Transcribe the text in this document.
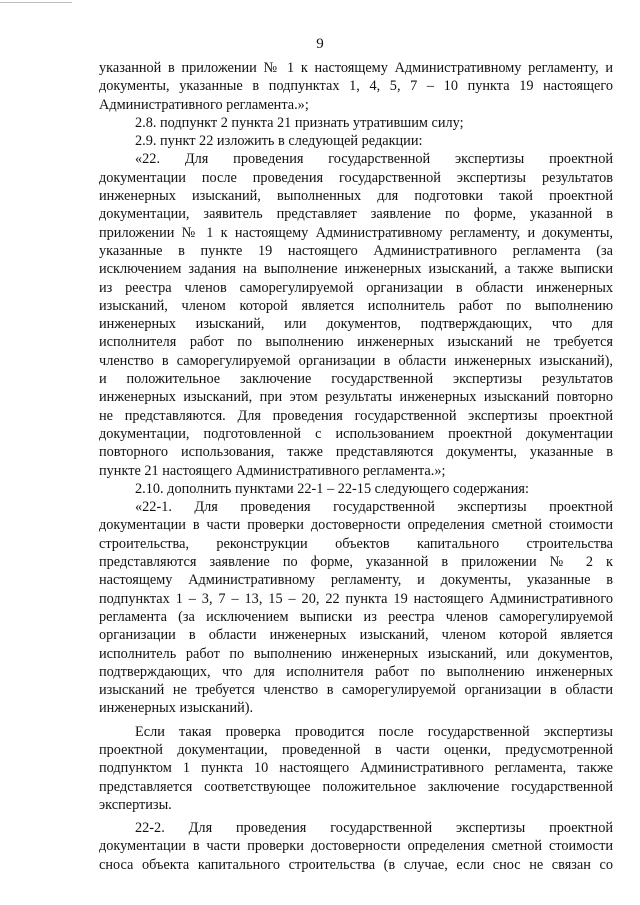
9
указанной в приложении № 1 к настоящему Административному регламенту, и
документы, указанные в подпунктах 1, 4, 5, 7 – 10 пункта 19 настоящего
Административного регламента.»;
2.8. подпункт 2 пункта 21 признать утратившим силу;
2.9. пункт 22 изложить в следующей редакции:
«22. Для проведения государственной экспертизы проектной
документации после проведения государственной экспертизы результатов
инженерных изысканий, выполненных для подготовки такой проектной
документации, заявитель представляет заявление по форме, указанной в
приложении № 1 к настоящему Административному регламенту, и документы,
указанные в пункте 19 настоящего Административного регламента (за
исключением задания на выполнение инженерных изысканий, а также выписки
из реестра членов саморегулируемой организации в области инженерных
изысканий, членом которой является исполнитель работ по выполнению
инженерных изысканий, или документов, подтверждающих, что для
исполнителя работ по выполнению инженерных изысканий не требуется
членство в саморегулируемой организации в области инженерных изысканий),
и положительное заключение государственной экспертизы результатов
инженерных изысканий, при этом результаты инженерных изысканий повторно
не представляются. Для проведения государственной экспертизы проектной
документации, подготовленной с использованием проектной документации
повторного использования, также представляются документы, указанные в
пункте 21 настоящего Административного регламента.»;
2.10. дополнить пунктами 22-1 – 22-15 следующего содержания:
«22-1. Для проведения государственной экспертизы проектной
документации в части проверки достоверности определения сметной стоимости
строительства, реконструкции объектов капитального строительства
представляются заявление по форме, указанной в приложении № 2 к
настоящему Административному регламенту, и документы, указанные в
подпунктах 1 – 3, 7 – 13, 15 – 20, 22 пункта 19 настоящего Административного
регламента (за исключением выписки из реестра членов саморегулируемой
организации в области инженерных изысканий, членом которой является
исполнитель работ по выполнению инженерных изысканий, или документов,
подтверждающих, что для исполнителя работ по выполнению инженерных
изысканий не требуется членство в саморегулируемой организации в области
инженерных изысканий).
Если такая проверка проводится после государственной экспертизы
проектной документации, проведенной в части оценки, предусмотренной
подпунктом 1 пункта 10 настоящего Административного регламента, также
представляется соответствующее положительное заключение государственной
экспертизы.
22-2. Для проведения государственной экспертизы проектной
документации в части проверки достоверности определения сметной стоимости
сноса объекта капитального строительства (в случае, если снос не связан со
